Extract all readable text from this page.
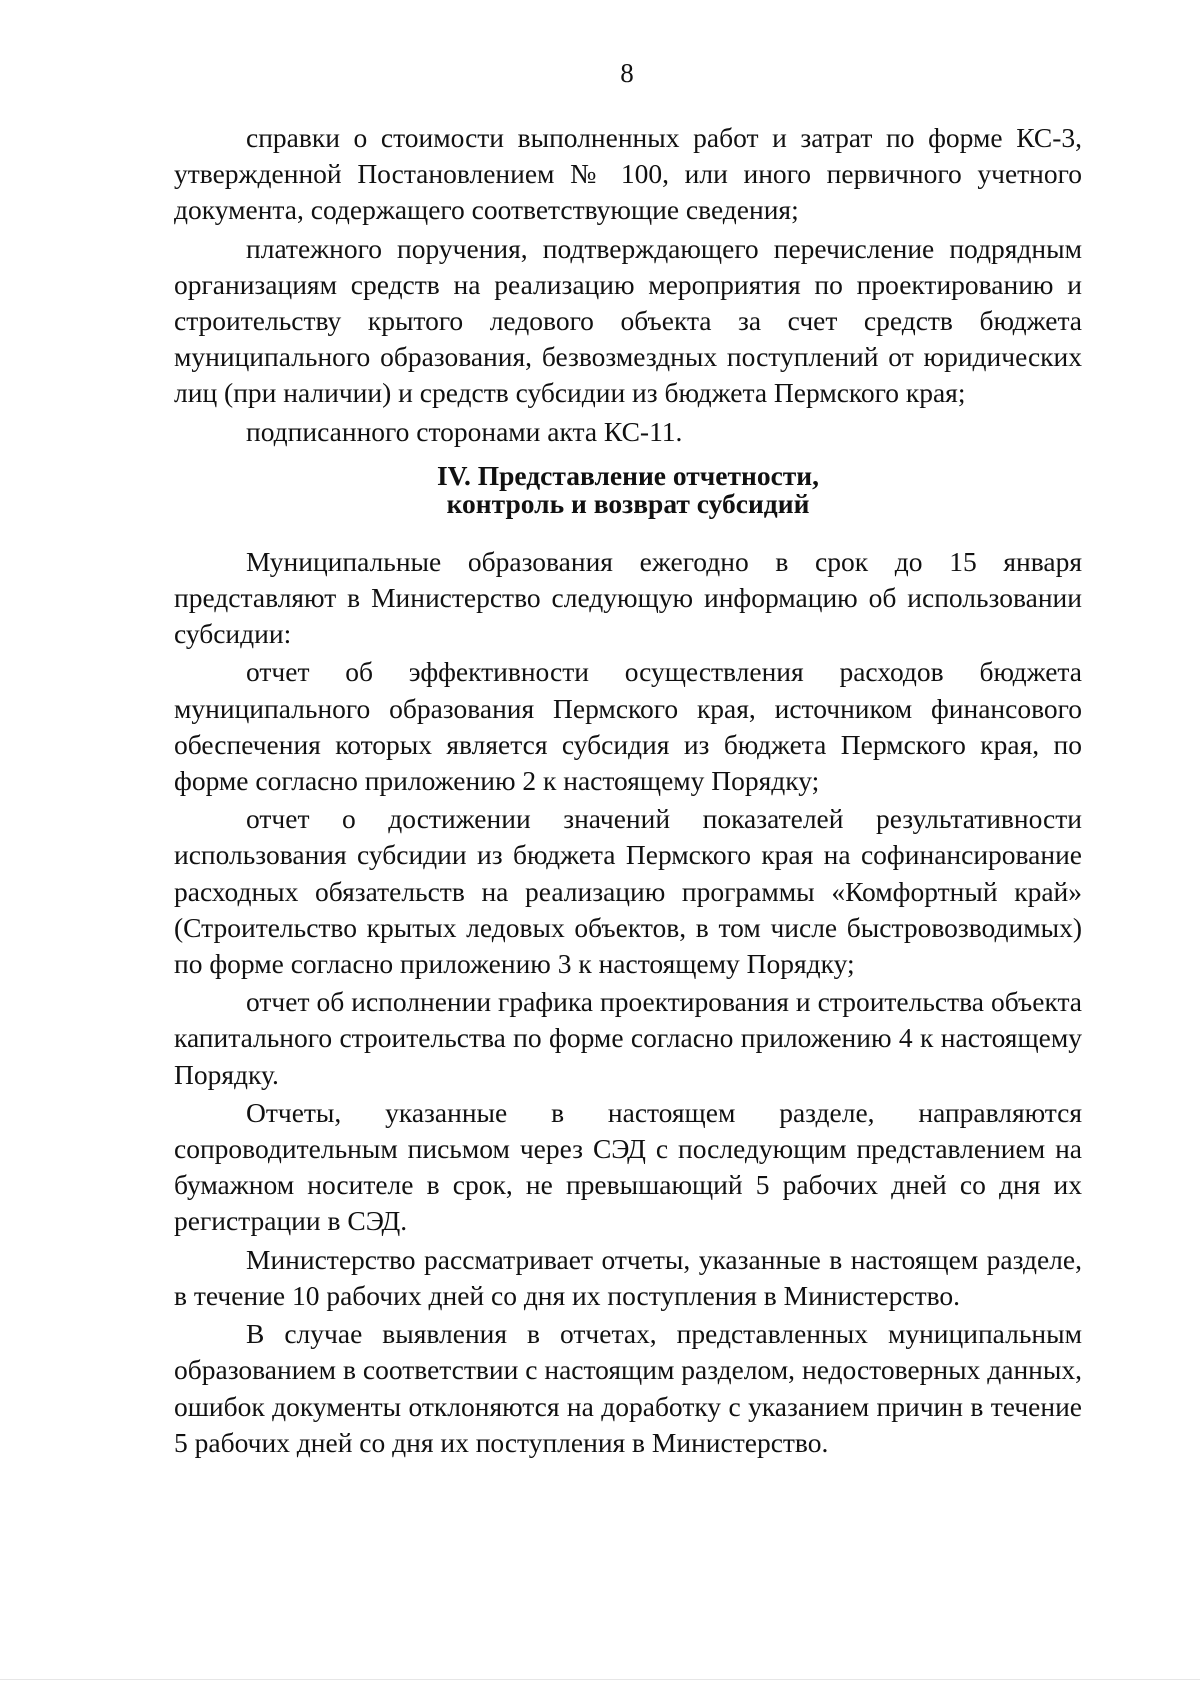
8

справки о стоимости выполненных работ и затрат по форме КС-3, утвержденной Постановлением № 100, или иного первичного учетного документа, содержащего соответствующие сведения;

платежного поручения, подтверждающего перечисление подрядным организациям средств на реализацию мероприятия по проектированию и строительству крытого ледового объекта за счет средств бюджета муниципального образования, безвозмездных поступлений от юридических лиц (при наличии) и средств субсидии из бюджета Пермского края;

подписанного сторонами акта КС-11.

IV. Представление отчетности,
контроль и возврат субсидий

Муниципальные образования ежегодно в срок до 15 января представляют в Министерство следующую информацию об использовании субсидии:

отчет об эффективности осуществления расходов бюджета муниципального образования Пермского края, источником финансового обеспечения которых является субсидия из бюджета Пермского края, по форме согласно приложению 2 к настоящему Порядку;

отчет о достижении значений показателей результативности использования субсидии из бюджета Пермского края на софинансирование расходных обязательств на реализацию программы «Комфортный край» (Строительство крытых ледовых объектов, в том числе быстровозводимых) по форме согласно приложению 3 к настоящему Порядку;

отчет об исполнении графика проектирования и строительства объекта капитального строительства по форме согласно приложению 4 к настоящему Порядку.

Отчеты, указанные в настоящем разделе, направляются сопроводительным письмом через СЭД с последующим представлением на бумажном носителе в срок, не превышающий 5 рабочих дней со дня их регистрации в СЭД.

Министерство рассматривает отчеты, указанные в настоящем разделе, в течение 10 рабочих дней со дня их поступления в Министерство.

В случае выявления в отчетах, представленных муниципальным образованием в соответствии с настоящим разделом, недостоверных данных, ошибок документы отклоняются на доработку с указанием причин в течение 5 рабочих дней со дня их поступления в Министерство.
